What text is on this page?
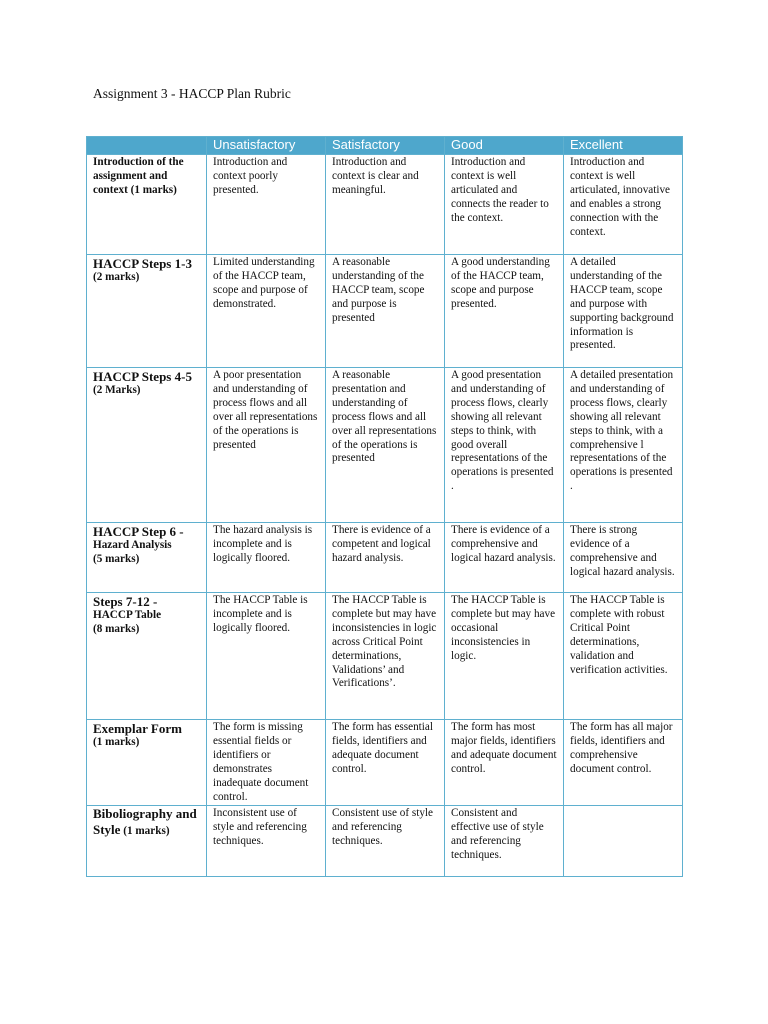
Assignment 3 - HACCP Plan Rubric
	Unsatisfactory	Satisfactory	Good	Excellent

Introduction of the assignment and context (1 marks)	Introduction and context poorly presented.	Introduction and context is clear and meaningful.	Introduction and context is well articulated and connects the reader to the context.	Introduction and context is well articulated, innovative and enables a strong connection with the context.

HACCP Steps 1-3
(2 marks)	Limited understanding of the HACCP team, scope and purpose of demonstrated.	A reasonable understanding of the HACCP team, scope and purpose is presented	A good understanding of the HACCP team, scope and purpose presented.	A detailed understanding of the HACCP team, scope and purpose with supporting background information is presented.

HACCP Steps 4-5
(2 Marks)	A poor presentation and understanding of process flows and all over all representations of the operations is presented	A reasonable presentation and understanding of process flows and all over all representations of the operations is presented	A good presentation and understanding of process flows, clearly showing all relevant steps to think, with good overall representations of the operations is presented .	A detailed presentation and understanding of process flows, clearly showing all relevant steps to think, with a comprehensive l representations of the operations is presented .

HACCP Step 6 -
Hazard Analysis
(5 marks)	The hazard analysis is incomplete and is logically floored.	There is evidence of a competent and logical hazard analysis.	There is evidence of a comprehensive and logical hazard analysis.	There is strong evidence of a comprehensive and logical hazard analysis.

Steps 7-12 -
HACCP Table
(8 marks)	The HACCP Table is incomplete and is logically floored.	The HACCP Table is complete but may have inconsistencies in logic across Critical Point determinations, Validations’ and Verifications’.	The HACCP Table is complete but may have occasional inconsistencies in logic.	The HACCP Table is complete with robust Critical Point determinations, validation and verification activities.

Exemplar Form
(1 marks)	The form is missing essential fields or identifiers or demonstrates inadequate document control.	The form has essential fields, identifiers and adequate document control.	The form has most major fields, identifiers and adequate document control.	The form has all major fields, identifiers and comprehensive document control.
Biboliography and Style (1 marks)	Inconsistent use of style and referencing techniques.	Consistent use of style and referencing techniques.	Consistent and effective use of style and referencing techniques.	
